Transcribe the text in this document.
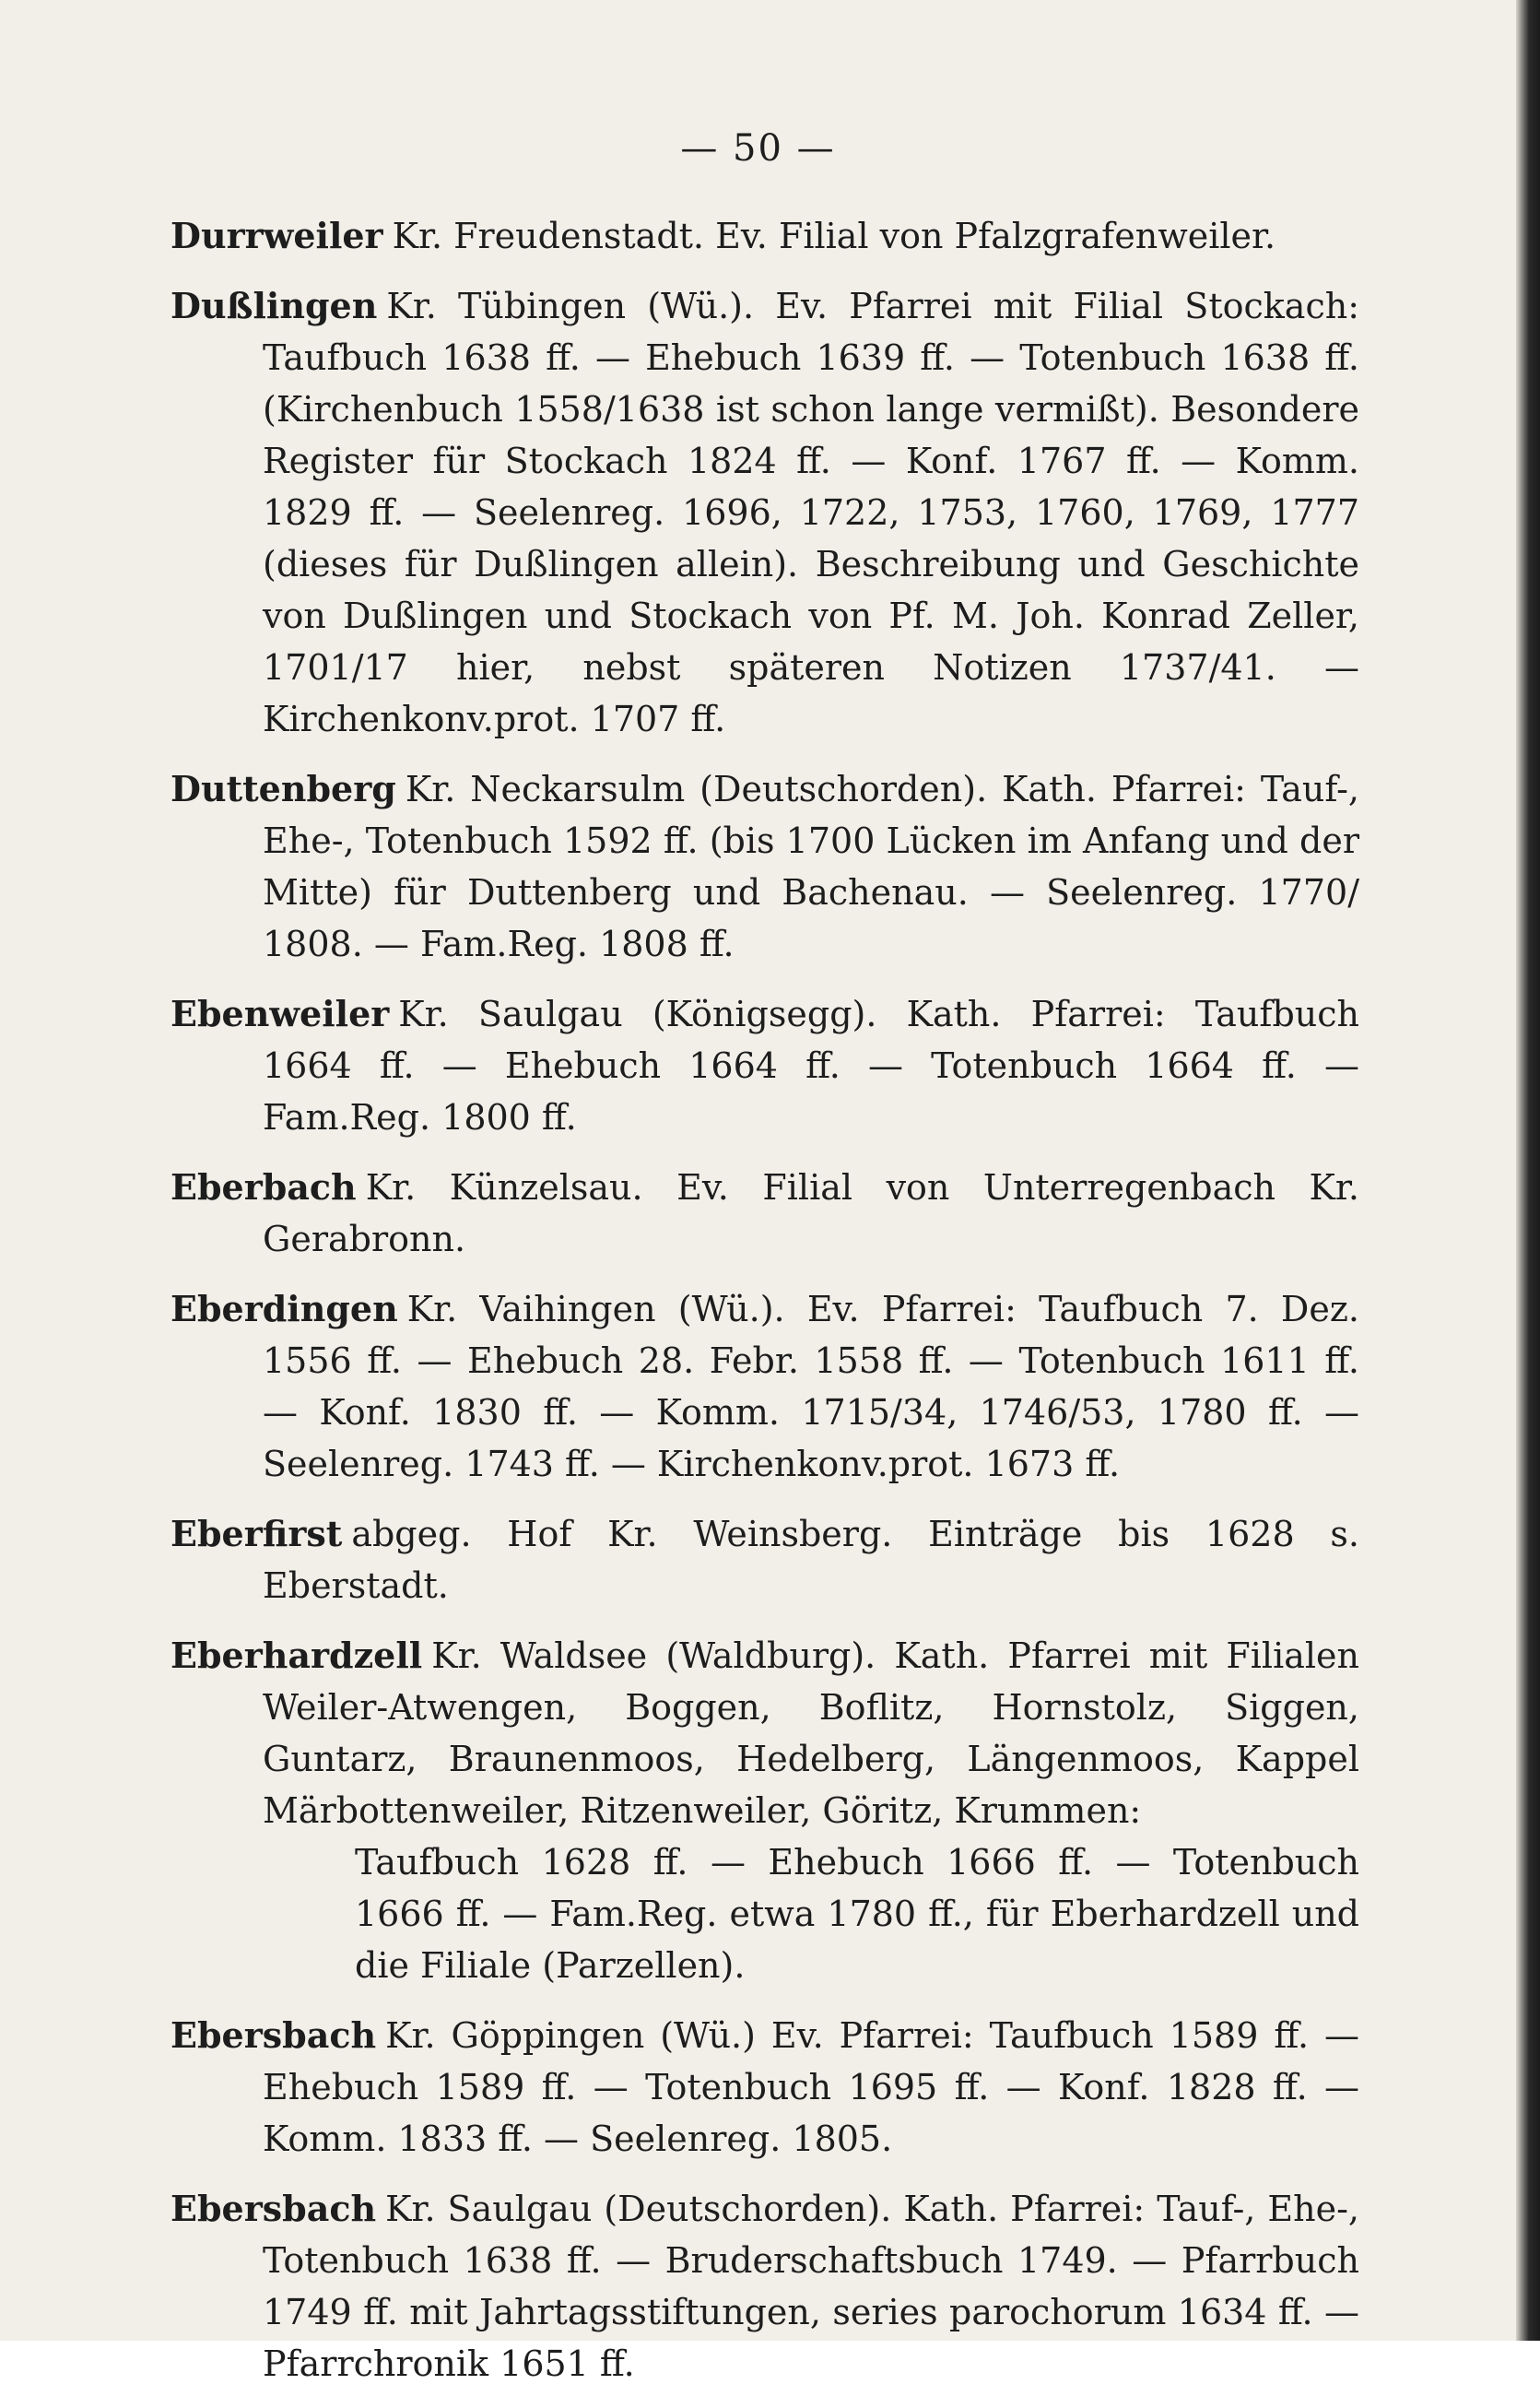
— 50 —

Durrweiler Kr. Freudenstadt. Ev. Filial von Pfalzgrafenweiler.

Dußlingen Kr. Tübingen (Wü.). Ev. Pfarrei mit Filial Stockach: Taufbuch 1638 ff. — Ehebuch 1639 ff. — Totenbuch 1638 ff. (Kirchenbuch 1558/1638 ist schon lange vermißt). Besondere Register für Stockach 1824 ff. — Konf. 1767 ff. — Komm. 1829 ff. — Seelenreg. 1696, 1722, 1753, 1760, 1769, 1777 (dieses für Dußlingen allein). Beschreibung und Geschichte von Dußlingen und Stockach von Pf. M. Joh. Konrad Zeller, 1701/17 hier, nebst späteren Notizen 1737/41. — Kirchenkonv.prot. 1707 ff.

Duttenberg Kr. Neckarsulm (Deutschorden). Kath. Pfarrei: Tauf-, Ehe-, Totenbuch 1592 ff. (bis 1700 Lücken im Anfang und der Mitte) für Duttenberg und Bachenau. — Seelenreg. 1770/ 1808. — Fam.Reg. 1808 ff.

Ebenweiler Kr. Saulgau (Königsegg). Kath. Pfarrei: Taufbuch 1664 ff. — Ehebuch 1664 ff. — Totenbuch 1664 ff. — Fam.Reg. 1800 ff.

Eberbach Kr. Künzelsau. Ev. Filial von Unterregenbach Kr. Gerabronn.

Eberdingen Kr. Vaihingen (Wü.). Ev. Pfarrei: Taufbuch 7. Dez. 1556 ff. — Ehebuch 28. Febr. 1558 ff. — Totenbuch 1611 ff. — Konf. 1830 ff. — Komm. 1715/34, 1746/53, 1780 ff. — Seelenreg. 1743 ff. — Kirchenkonv.prot. 1673 ff.

Eberfirst abgeg. Hof Kr. Weinsberg. Einträge bis 1628 s. Eberstadt.

Eberhardzell Kr. Waldsee (Waldburg). Kath. Pfarrei mit Filialen Weiler-Atwengen, Boggen, Boflitz, Hornstolz, Siggen, Guntarz, Braunenmoos, Hedelberg, Längenmoos, Kappel Märbottenweiler, Ritzenweiler, Göritz, Krummen:
Taufbuch 1628 ff. — Ehebuch 1666 ff. — Totenbuch 1666 ff. — Fam.Reg. etwa 1780 ff., für Eberhardzell und die Filiale (Parzellen).

Ebersbach Kr. Göppingen (Wü.) Ev. Pfarrei: Taufbuch 1589 ff. — Ehebuch 1589 ff. — Totenbuch 1695 ff. — Konf. 1828 ff. — Komm. 1833 ff. — Seelenreg. 1805.

Ebersbach Kr. Saulgau (Deutschorden). Kath. Pfarrei: Tauf-, Ehe-, Totenbuch 1638 ff. — Bruderschaftsbuch 1749. — Pfarrbuch 1749 ff. mit Jahrtagsstiftungen, series parochorum 1634 ff. — Pfarrchronik 1651 ff.
